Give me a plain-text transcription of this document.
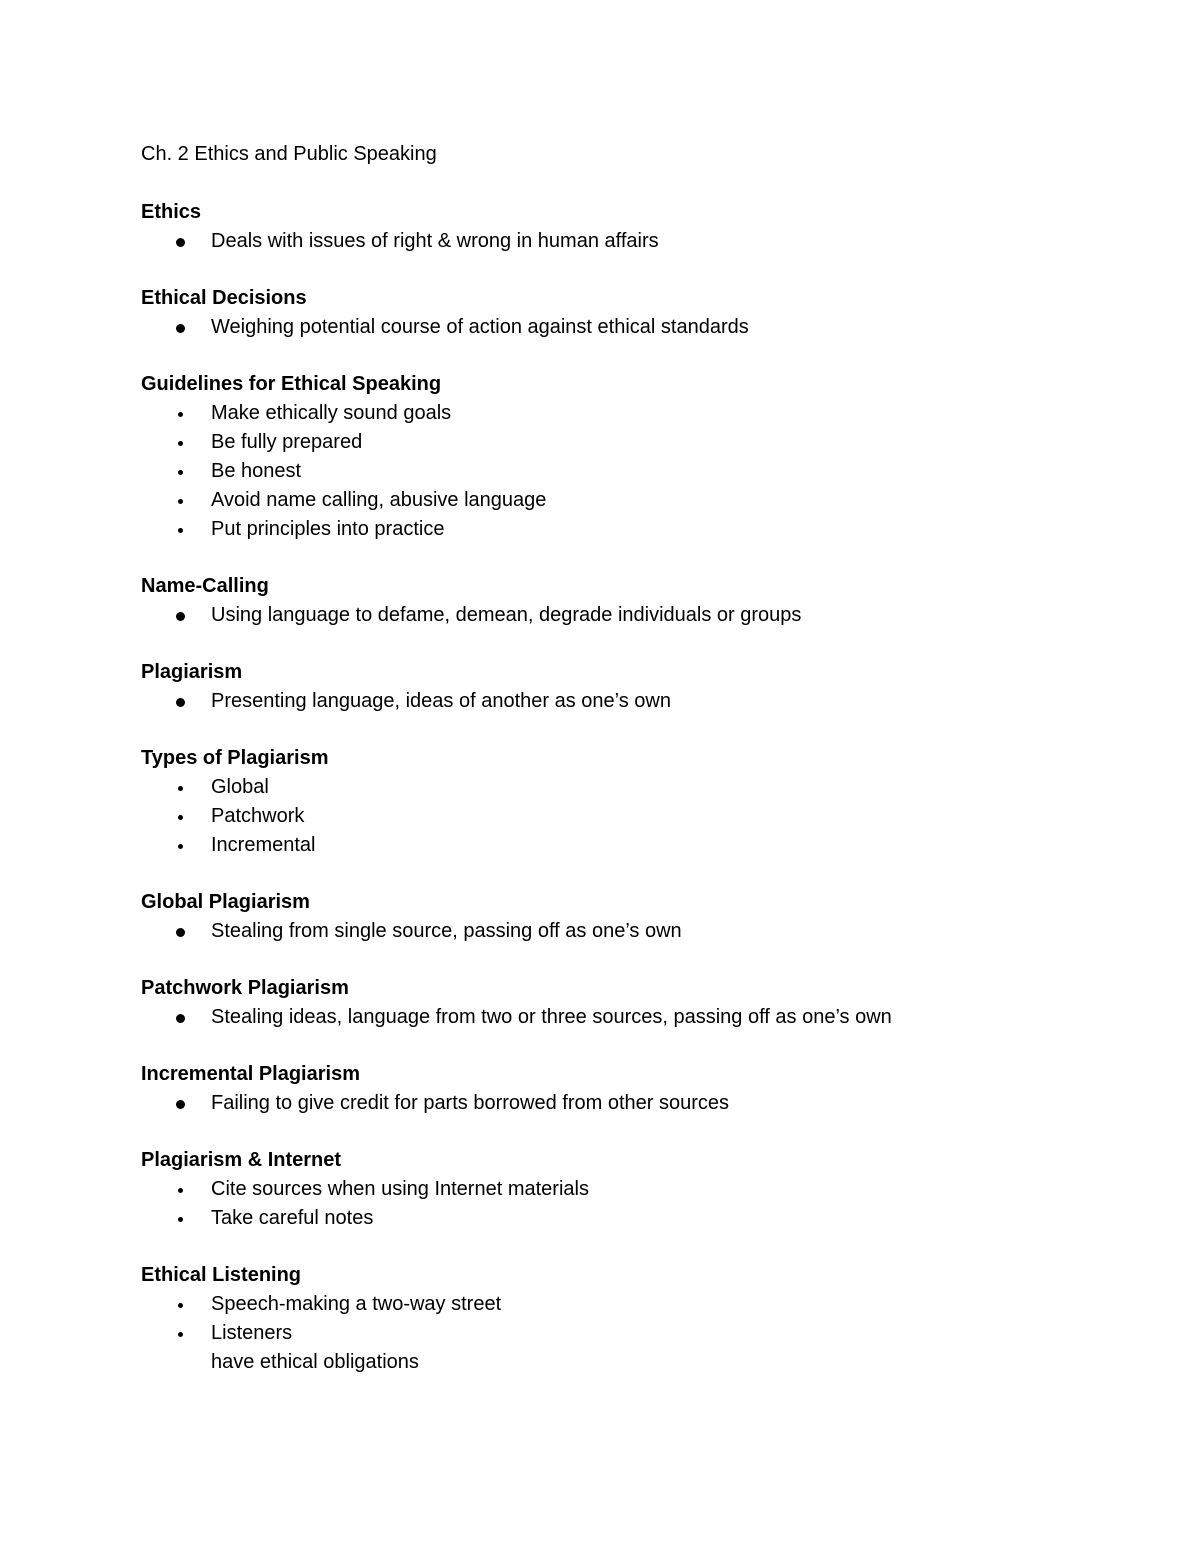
Ch. 2 Ethics and Public Speaking
Ethics
Deals with issues of right & wrong in human affairs
Ethical Decisions
Weighing potential course of action against ethical standards
Guidelines for Ethical Speaking
Make ethically sound goals
Be fully prepared
Be honest
Avoid name calling, abusive language
Put principles into practice
Name-Calling
Using language to defame, demean, degrade individuals or groups
Plagiarism
Presenting language, ideas of another as one’s own
Types of Plagiarism
Global
Patchwork
Incremental
Global Plagiarism
Stealing from single source, passing off as one’s own
Patchwork Plagiarism
Stealing ideas, language from two or three sources, passing off as one’s own
Incremental Plagiarism
Failing to give credit for parts borrowed from other sources
Plagiarism & Internet
Cite sources when using Internet materials
Take careful notes
Ethical Listening
Speech-making a two-way street
Listeners
have ethical obligations
